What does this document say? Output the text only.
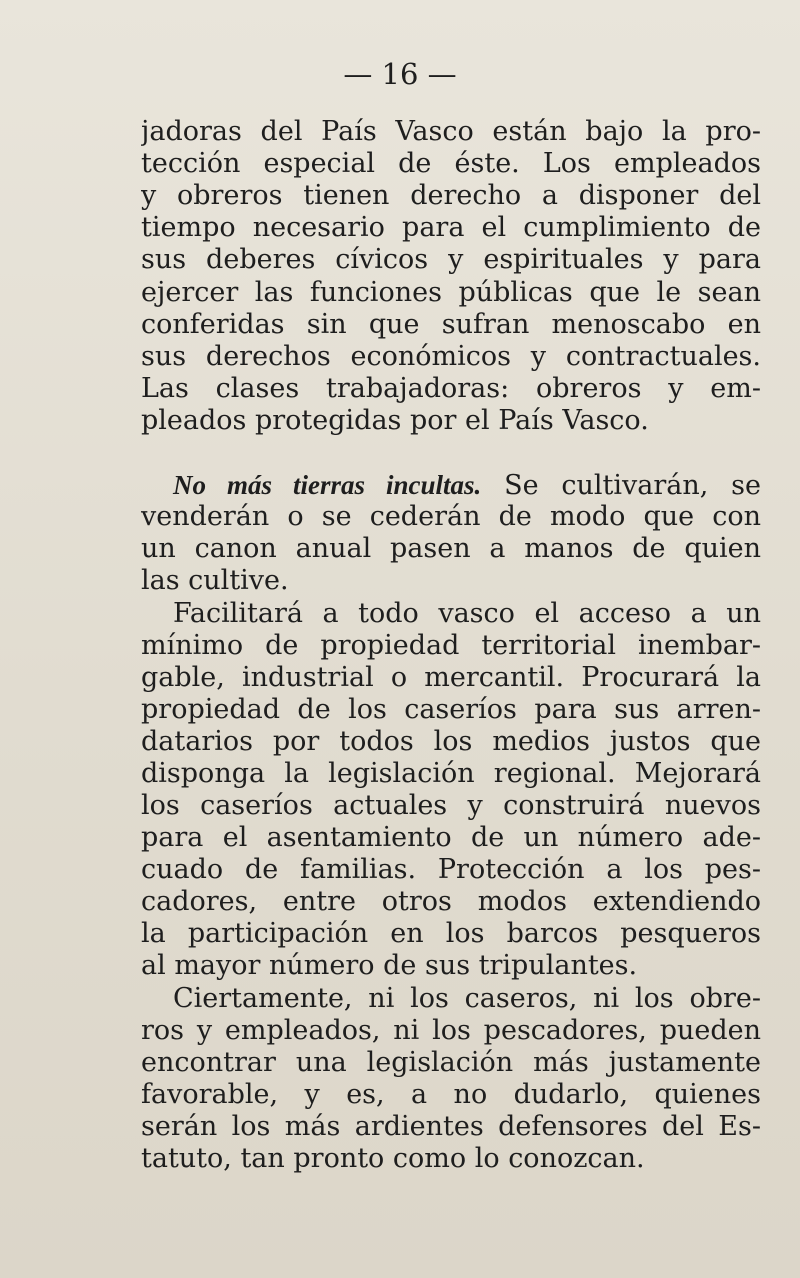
— 16 —
jadoras del País Vasco están bajo la pro-
tección especial de éste. Los empleados
y obreros tienen derecho a disponer del
tiempo necesario para el cumplimiento de
sus deberes cívicos y espirituales y para
ejercer las funciones públicas que le sean
conferidas sin que sufran menoscabo en
sus derechos económicos y contractuales.
Las clases trabajadoras: obreros y em-
pleados protegidas por el País Vasco.
No más tierras incultas. Se cultivarán, se
venderán o se cederán de modo que con
un canon anual pasen a manos de quien
las cultive.
Facilitará a todo vasco el acceso a un
mínimo de propiedad territorial inembar-
gable, industrial o mercantil. Procurará la
propiedad de los caseríos para sus arren-
datarios por todos los medios justos que
disponga la legislación regional. Mejorará
los caseríos actuales y construirá nuevos
para el asentamiento de un número ade-
cuado de familias. Protección a los pes-
cadores, entre otros modos extendiendo
la participación en los barcos pesqueros
al mayor número de sus tripulantes.
Ciertamente, ni los caseros, ni los obre-
ros y empleados, ni los pescadores, pueden
encontrar una legislación más justamente
favorable, y es, a no dudarlo, quienes
serán los más ardientes defensores del Es-
tatuto, tan pronto como lo conozcan.
